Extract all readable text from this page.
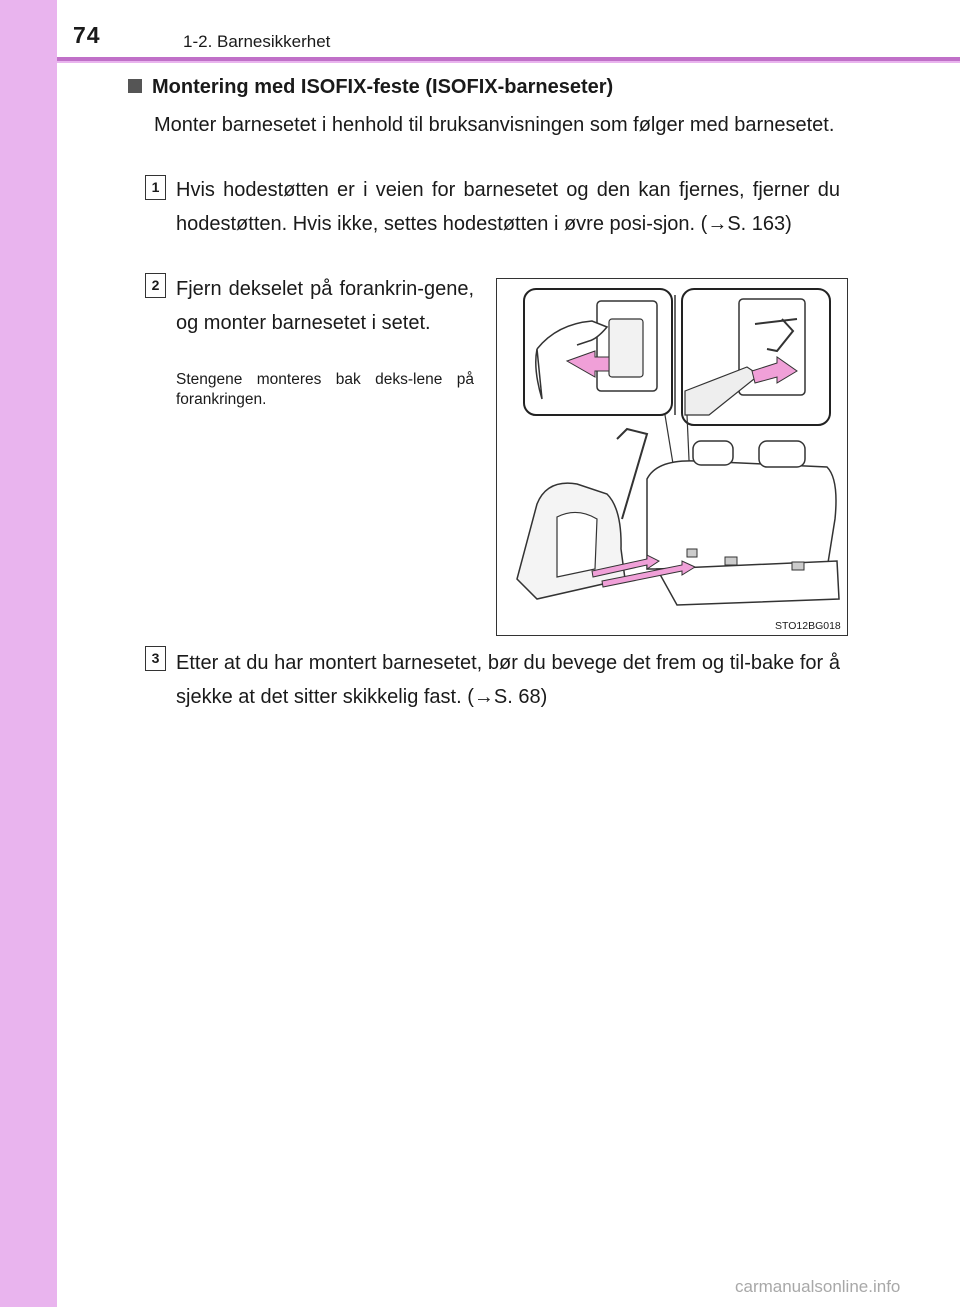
74	1-2. Barnesikkerhet
Montering med ISOFIX-feste (ISOFIX-barneseter)
Monter barnesetet i henhold til bruksanvisningen som følger med barnesetet.
1 Hvis hodestøtten er i veien for barnesetet og den kan fjernes, fjerner du hodestøtten. Hvis ikke, settes hodestøtten i øvre posi-sjon. (→S. 163)
2 Fjern dekselet på forankrin-gene, og monter barnesetet i setet.
Stengene monteres bak deks-lene på forankringen.
STO12BG018
3 Etter at du har montert barnesetet, bør du bevege det frem og til-bake for å sjekke at det sitter skikkelig fast. (→S. 68)
carmanualsonline.info
